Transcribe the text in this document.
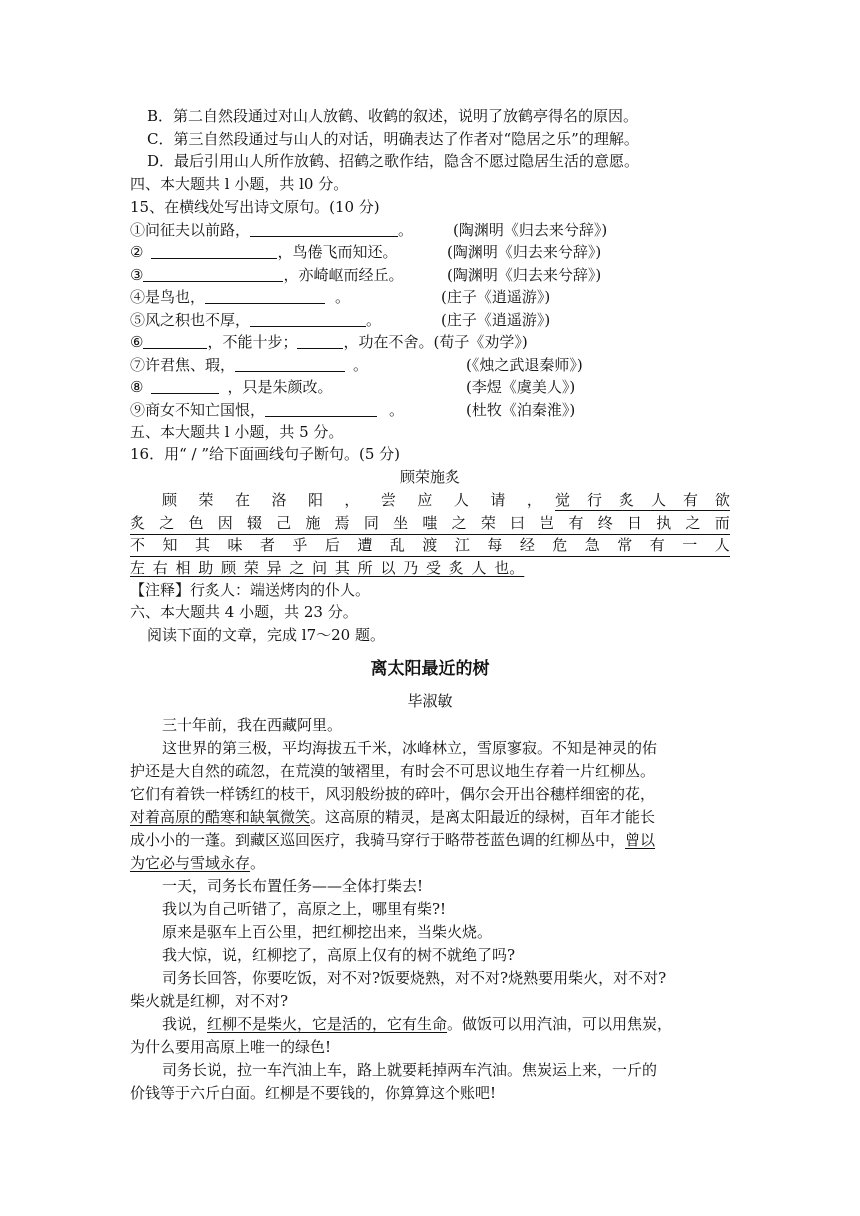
B．第二自然段通过对山人放鹤、收鹤的叙述，说明了放鹤亭得名的原因。
C．第三自然段通过与山人的对话，明确表达了作者对“隐居之乐”的理解。
D．最后引用山人所作放鹤、招鹤之歌作结，隐含不愿过隐居生活的意愿。
四、本大题共 l 小题，共 l0 分。
15、在横线处写出诗文原句。(10 分)
①问征夫以前路，	。	(陶渊明《归去来兮辞》)
②	，鸟倦飞而知还。	(陶渊明《归去来兮辞》)
③	，亦崎岖而经丘。	(陶渊明《归去来兮辞》)
④是鸟也，	。	(庄子《逍遥游》)
⑤风之积也不厚，	。	(庄子《逍遥游》)
⑥	，不能十步；	，功在不舍。(荀子《劝学》)
⑦许君焦、瑕，	。	(《烛之武退秦师》)
⑧	，只是朱颜改。	(李煜《虞美人》)
⑨商女不知亡国恨，	。	(杜牧《泊秦淮》)
五、本大题共 l 小题，共 5 分。
16．用“ / ”给下面画线句子断句。(5 分)
顾荣施炙
顾 荣 在 洛 阳 ， 尝 应 人 请 ， 觉 行 炙 人 有 欲
炙 之 色 因 辍 己 施 焉 同 坐 嗤 之 荣 曰 岂 有 终 日 执 之 而
不 知 其 味 者 乎 后 遭 乱 渡 江 每 经 危 急 常 有 一 人
左 右 相 助 顾 荣 异 之 问 其 所 以 乃 受 炙 人 也。
【注释】行炙人：端送烤肉的仆人。
六、本大题共 4 小题，共 23 分。
阅读下面的文章，完成 l7～20 题。
离太阳最近的树
毕淑敏
三十年前，我在西藏阿里。
这世界的第三极，平均海拔五千米，冰峰林立，雪原寥寂。不知是神灵的佑
护还是大自然的疏忽，在荒漠的皱褶里，有时会不可思议地生存着一片红柳丛。
它们有着铁一样锈红的枝干，风羽般纷披的碎叶，偶尔会开出谷穗样细密的花，
对着高原的酷寒和缺氧微笑。这高原的精灵，是离太阳最近的绿树，百年才能长
成小小的一蓬。到藏区巡回医疗，我骑马穿行于略带苍蓝色调的红柳丛中，曾以
为它必与雪域永存。
一天，司务长布置任务——全体打柴去!
我以为自己听错了，高原之上，哪里有柴?!
原来是驱车上百公里，把红柳挖出来，当柴火烧。
我大惊，说，红柳挖了，高原上仅有的树不就绝了吗?
司务长回答，你要吃饭，对不对?饭要烧熟，对不对?烧熟要用柴火，对不对?
柴火就是红柳，对不对?
我说，红柳不是柴火，它是活的，它有生命。做饭可以用汽油，可以用焦炭，
为什么要用高原上唯一的绿色!
司务长说，拉一车汽油上车，路上就要耗掉两车汽油。焦炭运上来，一斤的
价钱等于六斤白面。红柳是不要钱的，你算算这个账吧!
